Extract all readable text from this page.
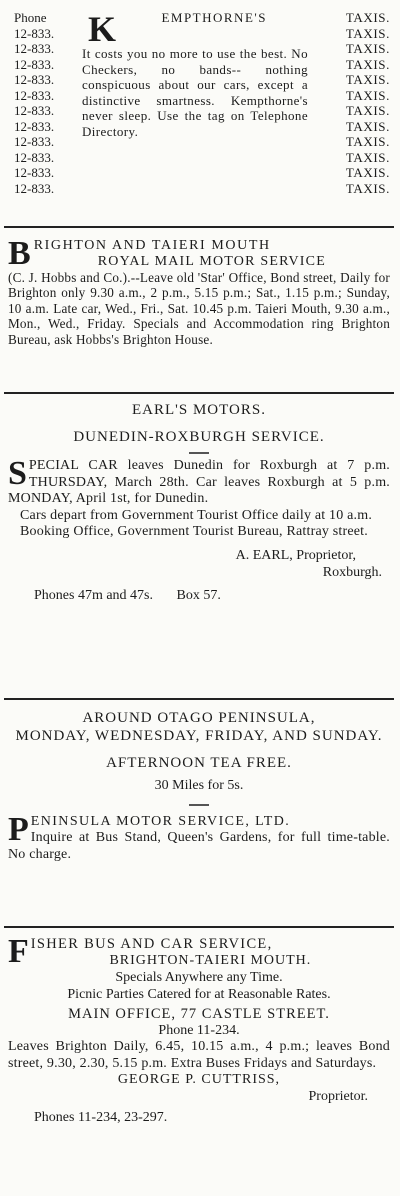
Phone
12-833.
12-833.
12-833.
12-833.
12-833.
12-833.
12-833.
12-833.
12-833.
12-833.
12-833.
K	EMPTHORNE'S

It costs you no more to use the best. No Checkers, no bands-- nothing conspicuous about our cars, except a distinctive smartness. Kempthorne's never sleep. Use the tag on Telephone Directory.

TAXIS.
TAXIS.
TAXIS.
TAXIS.
TAXIS.
TAXIS.
TAXIS.
TAXIS.
TAXIS.
TAXIS.
TAXIS.
TAXIS.
B RIGHTON AND TAIERI MOUTH
ROYAL MAIL MOTOR SERVICE

(C. J. Hobbs and Co.).--Leave old 'Star' Office, Bond street, Daily for Brighton only 9.30 a.m., 2 p.m., 5.15 p.m.; Sat., 1.15 p.m.; Sunday, 10 a.m. Late car, Wed., Fri., Sat. 10.45 p.m. Taieri Mouth, 9.30 a.m., Mon., Wed., Friday. Specials and Accommodation ring Brighton Bureau, ask Hobbs's Brighton House.

EARL'S MOTORS.
DUNEDIN-ROXBURGH SERVICE.
S PECIAL CAR leaves Dunedin for Roxburgh at 7 p.m. THURSDAY, March 28th. Car leaves Roxburgh at 5 p.m. MONDAY, April 1st, for Dunedin.

Cars depart from Government Tourist Office daily at 10 a.m.

Booking Office, Government Tourist Bureau, Rattray street.

A. EARL, Proprietor,
Roxburgh.
Phones 47m and 47s. Box 57.
AROUND OTAGO PENINSULA,
MONDAY, WEDNESDAY, FRIDAY, AND SUNDAY.
AFTERNOON TEA FREE.
30 Miles for 5s.
P ENINSULA MOTOR SERVICE, LTD.

Inquire at Bus Stand, Queen's Gardens, for full time-table. No charge.

F ISHER BUS AND CAR SERVICE,
BRIGHTON-TAIERI MOUTH.
Specials Anywhere any Time.
Picnic Parties Catered for at Reasonable Rates.
MAIN OFFICE, 77 CASTLE STREET.
Phone 11-234.

Leaves Brighton Daily, 6.45, 10.15 a.m., 4 p.m.; leaves Bond street, 9.30, 2.30, 5.15 p.m. Extra Buses Fridays and Saturdays.

GEORGE P. CUTTRISS,
Proprietor.
Phones 11-234, 23-297.
